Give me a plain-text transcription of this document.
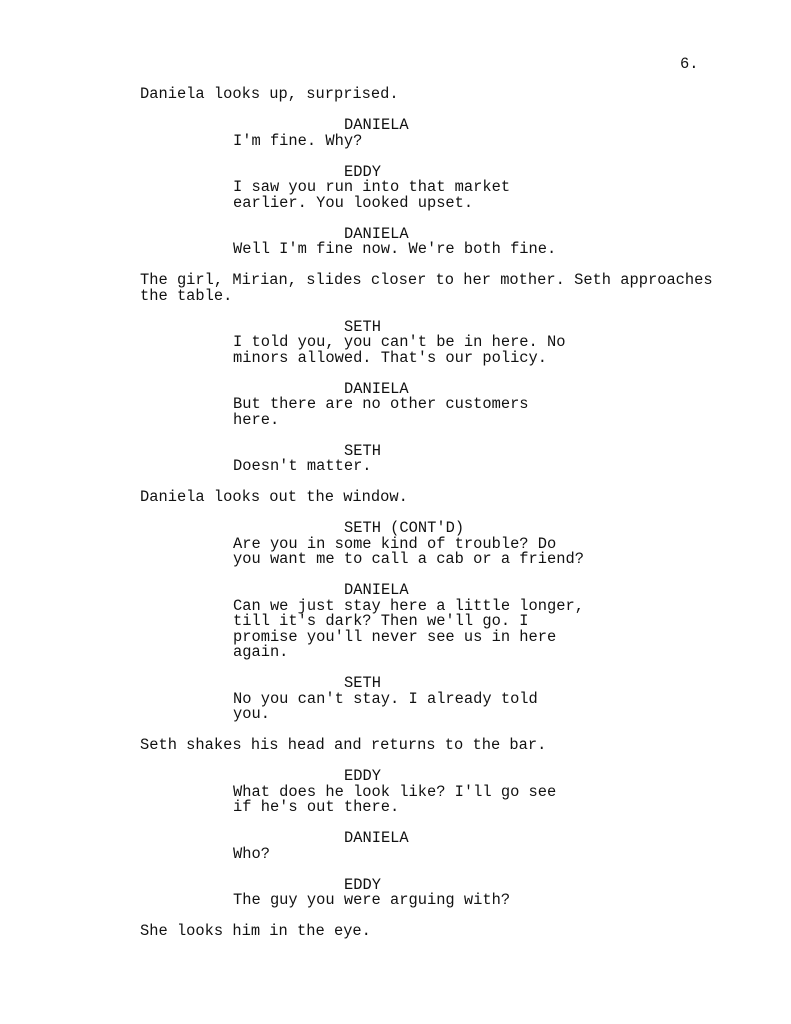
6.
Daniela looks up, surprised.
DANIELA
I'm fine. Why?
EDDY
I saw you run into that market
earlier. You looked upset.
DANIELA
Well I'm fine now. We're both fine.
The girl, Mirian, slides closer to her mother. Seth approaches
the table.
SETH
I told you, you can't be in here. No
minors allowed. That's our policy.
DANIELA
But there are no other customers
here.
SETH
Doesn't matter.
Daniela looks out the window.
SETH (CONT'D)
Are you in some kind of trouble? Do
you want me to call a cab or a friend?
DANIELA
Can we just stay here a little longer,
till it's dark? Then we'll go. I
promise you'll never see us in here
again.
SETH
No you can't stay. I already told
you.
Seth shakes his head and returns to the bar.
EDDY
What does he look like? I'll go see
if he's out there.
DANIELA
Who?
EDDY
The guy you were arguing with?
She looks him in the eye.
